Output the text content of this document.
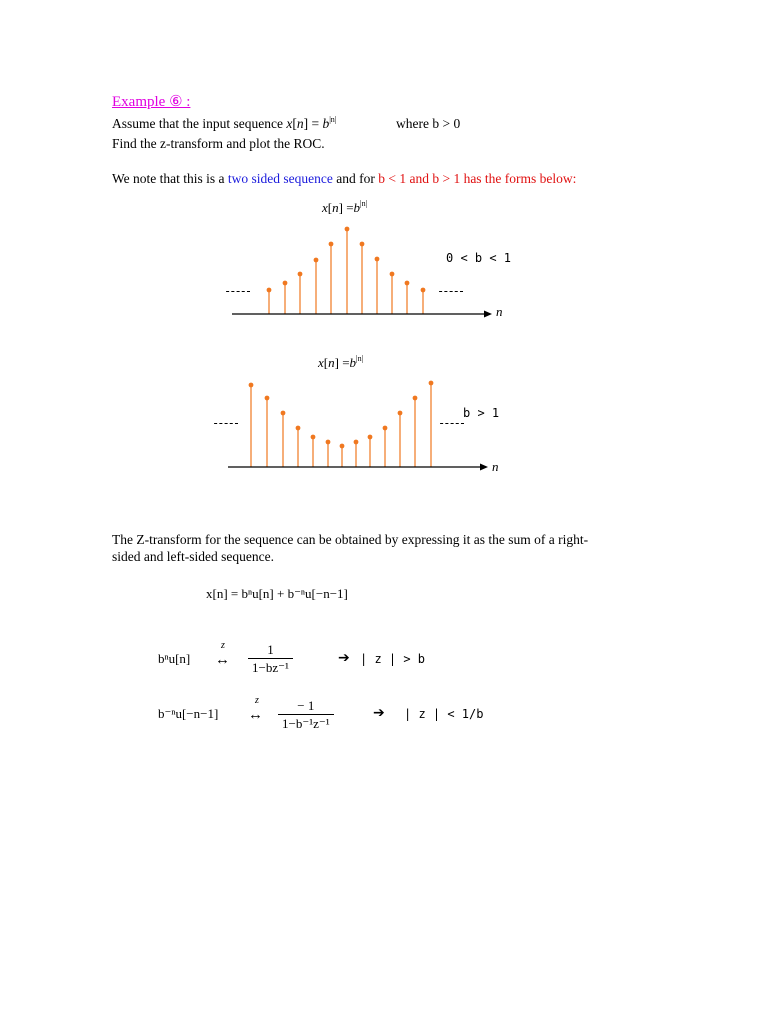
Example ⑥ :
Assume that the input sequence $x[n] = b^{|n|}$	where b > 0
Find the z-transform and plot the ROC.
We note that this is a two sided sequence and for b < 1 and b > 1 has the forms below:
$x[n] =b^{|n|}$
0 < b < 1
-----	-----
n
$x[n] =b^{|n|}$
b > 1
-----	-----
n
The Z-transform for the sequence can be obtained by expressing it as the sum of a right-
sided and left-sided sequence.
x[n] = bⁿu[n] + b⁻ⁿu[−n−1]
bⁿu[n]
z
↔ $\frac{1}{\text{1−bz⁻¹}}$	➔ | z | > b
b⁻ⁿu[−n−1]
z
↔ $\frac{- 1}{\text{1−b⁻¹z⁻¹}}$	➔ | z | < 1/b
